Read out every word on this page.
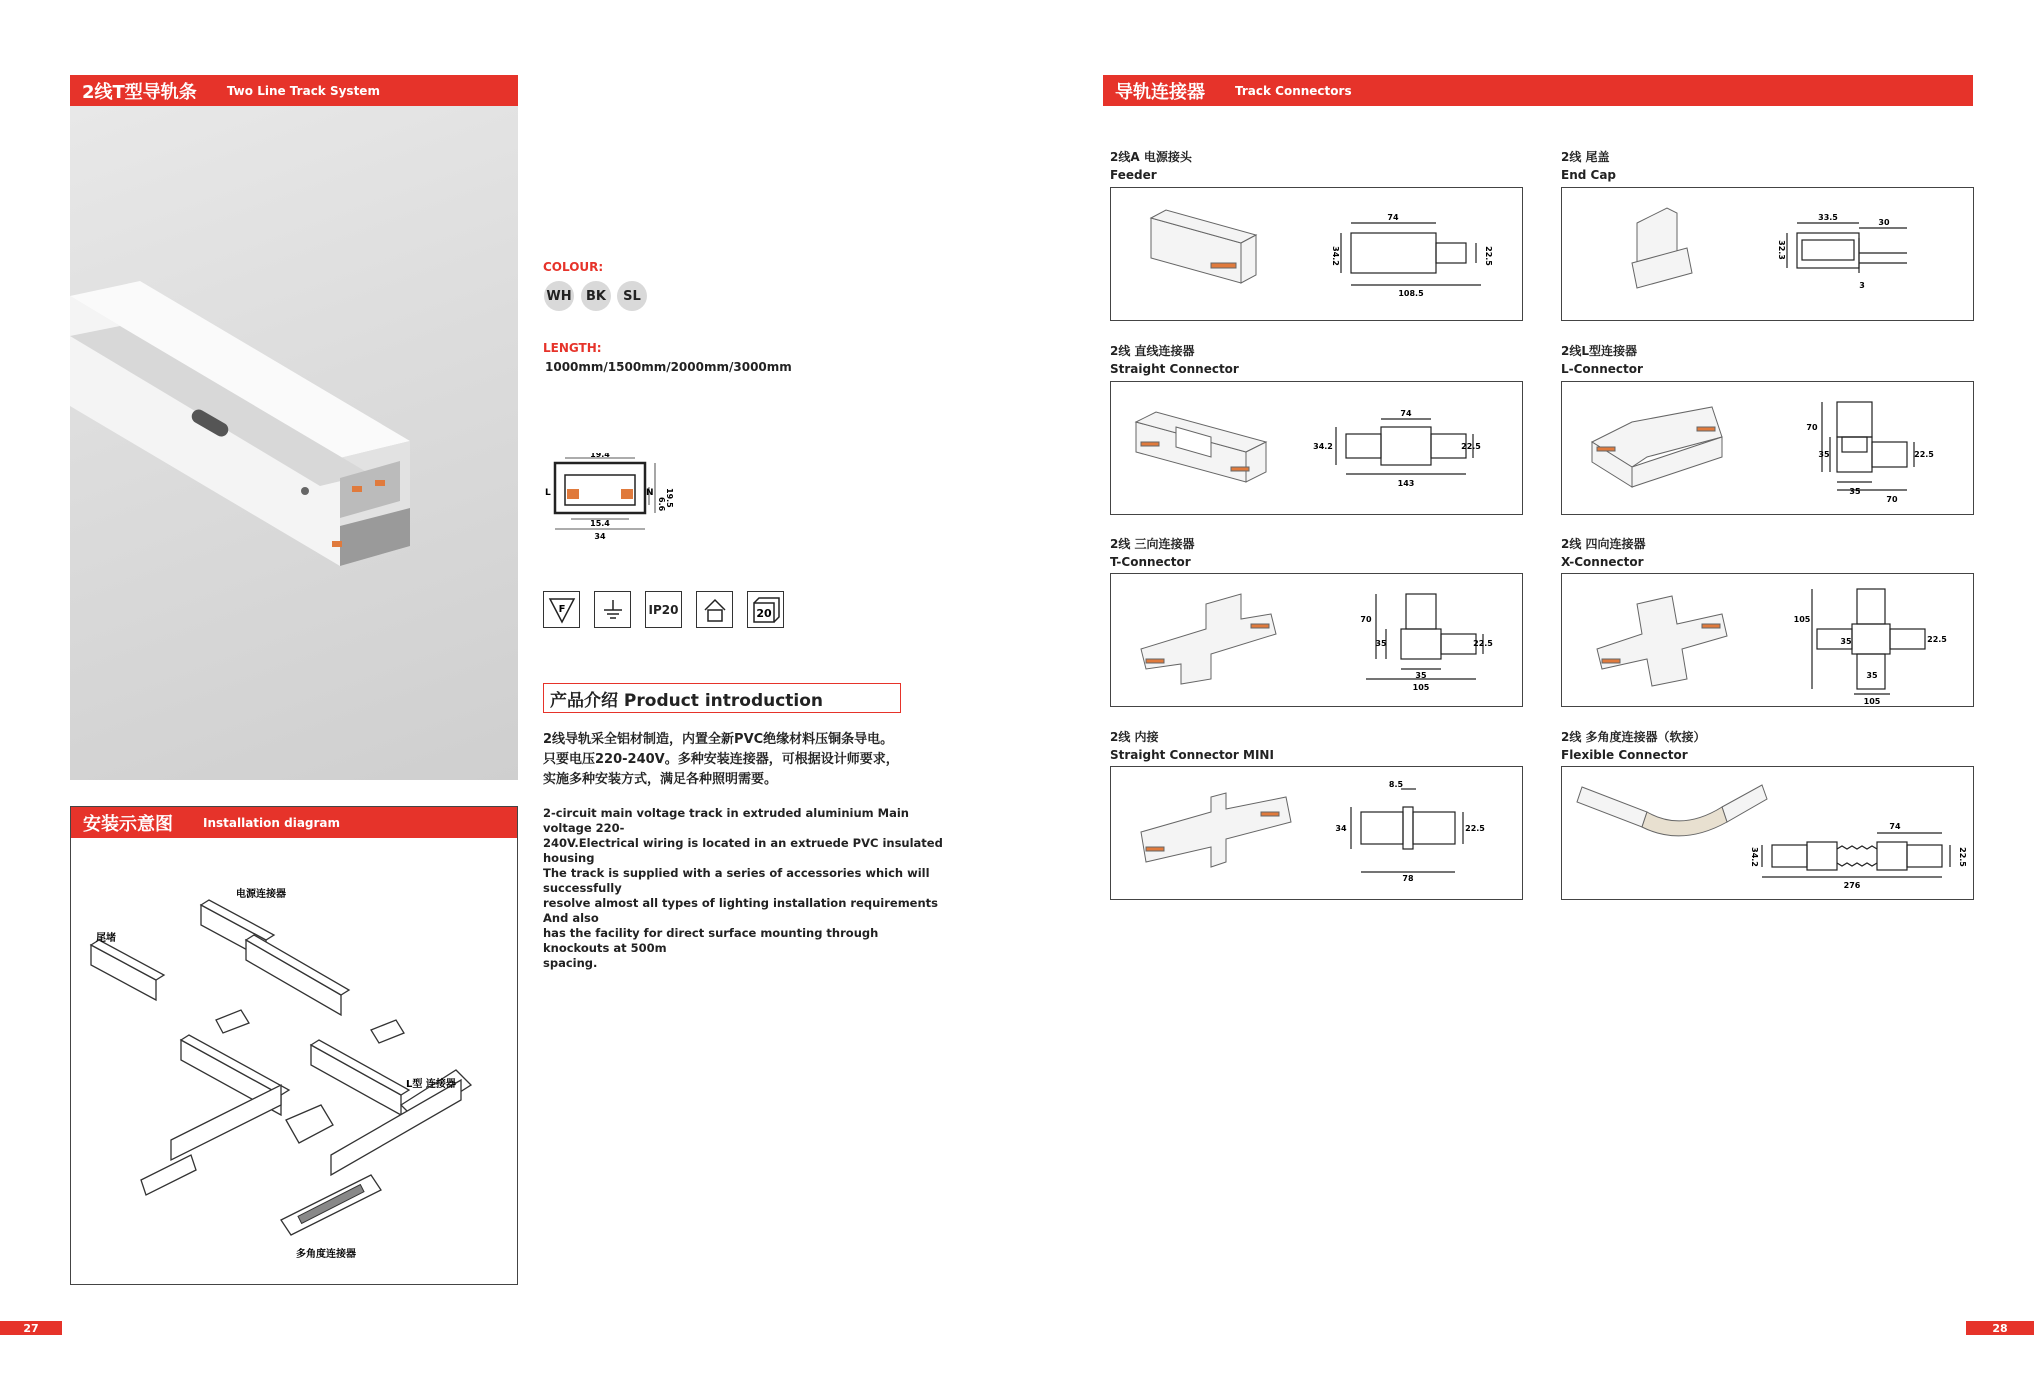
2线T型导轨条	Two Line Track System
COLOUR:
WH	BK	SL
LENGTH:
1000mm/1500mm/2000mm/3000mm
19.4
L	N 19.5
6.6
15.4
34
F	IP20	20
产品介绍 Product introduction
2线导轨采全铝材制造，内置全新PVC绝缘材料压铜条导电。
只要电压220-240V。多种安装连接器，可根据设计师要求，
实施多种安装方式，满足各种照明需要。
2-circuit main voltage track in extruded aluminium Main voltage 220-
240V.Electrical wiring is located in an extruede PVC insulated housing
The track is supplied with a series of accessories which will successfully
resolve almost all types of lighting installation requirements And also
has the facility for direct surface mounting through knockouts at 500m
spacing.
安装示意图	Installation diagram
尾堵
电源连接器
L型 连接器
多角度连接器
27
导轨连接器	Track Connectors
2线A 电源接头
Feeder
74
34.2	22.5
108.5
2线 尾盖
End Cap
33.5
30
32.3
3
2线 直线连接器
Straight Connector
74
34.2	22.5
143
2线L型连接器
L-Connector
70
35	22.5
35
70
2线 三向连接器
T-Connector
70
35	22.5
35
105
2线 四向连接器
X-Connector
105
35	22.5
35
105
2线 内接
Straight Connector MINI
8.5
34	22.5
78
2线 多角度连接器（软接）
Flexible Connector
74
34.2	22.5
276
28
